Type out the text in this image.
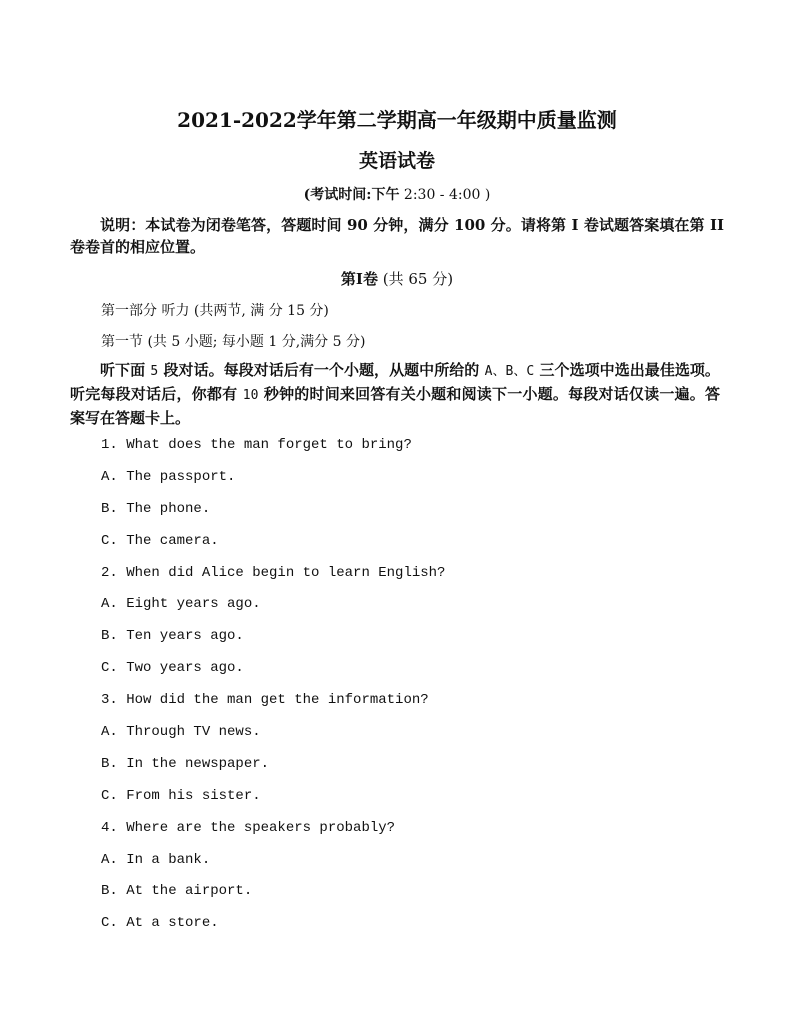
2021-2022学年第二学期高一年级期中质量监测
英语试卷
(考试时间:下午 2:30 - 4:00 )
说明：本试卷为闭卷笔答，答题时间 90 分钟，满分 100 分。请将第 I 卷试题答案填在第 II 卷卷首的相应位置。
第Ⅰ卷 (共 65 分)
第一部分 听力 (共两节, 满 分 15 分)
第一节 (共 5 小题; 每小题 1 分,满分 5 分)
听下面 5 段对话。每段对话后有一个小题，从题中所给的 A、B、C 三个选项中选出最佳选项。听完每段对话后，你都有 10 秒钟的时间来回答有关小题和阅读下一小题。每段对话仅读一遍。答案写在答题卡上。
1. What does the man forget to bring?
A. The passport.
B. The phone.
C. The camera.
2. When did Alice begin to learn English?
A. Eight years ago.
B. Ten years ago.
C. Two years ago.
3. How did the man get the information?
A. Through TV news.
B. In the newspaper.
C. From his sister.
4. Where are the speakers probably?
A. In a bank.
B. At the airport.
C. At a store.
